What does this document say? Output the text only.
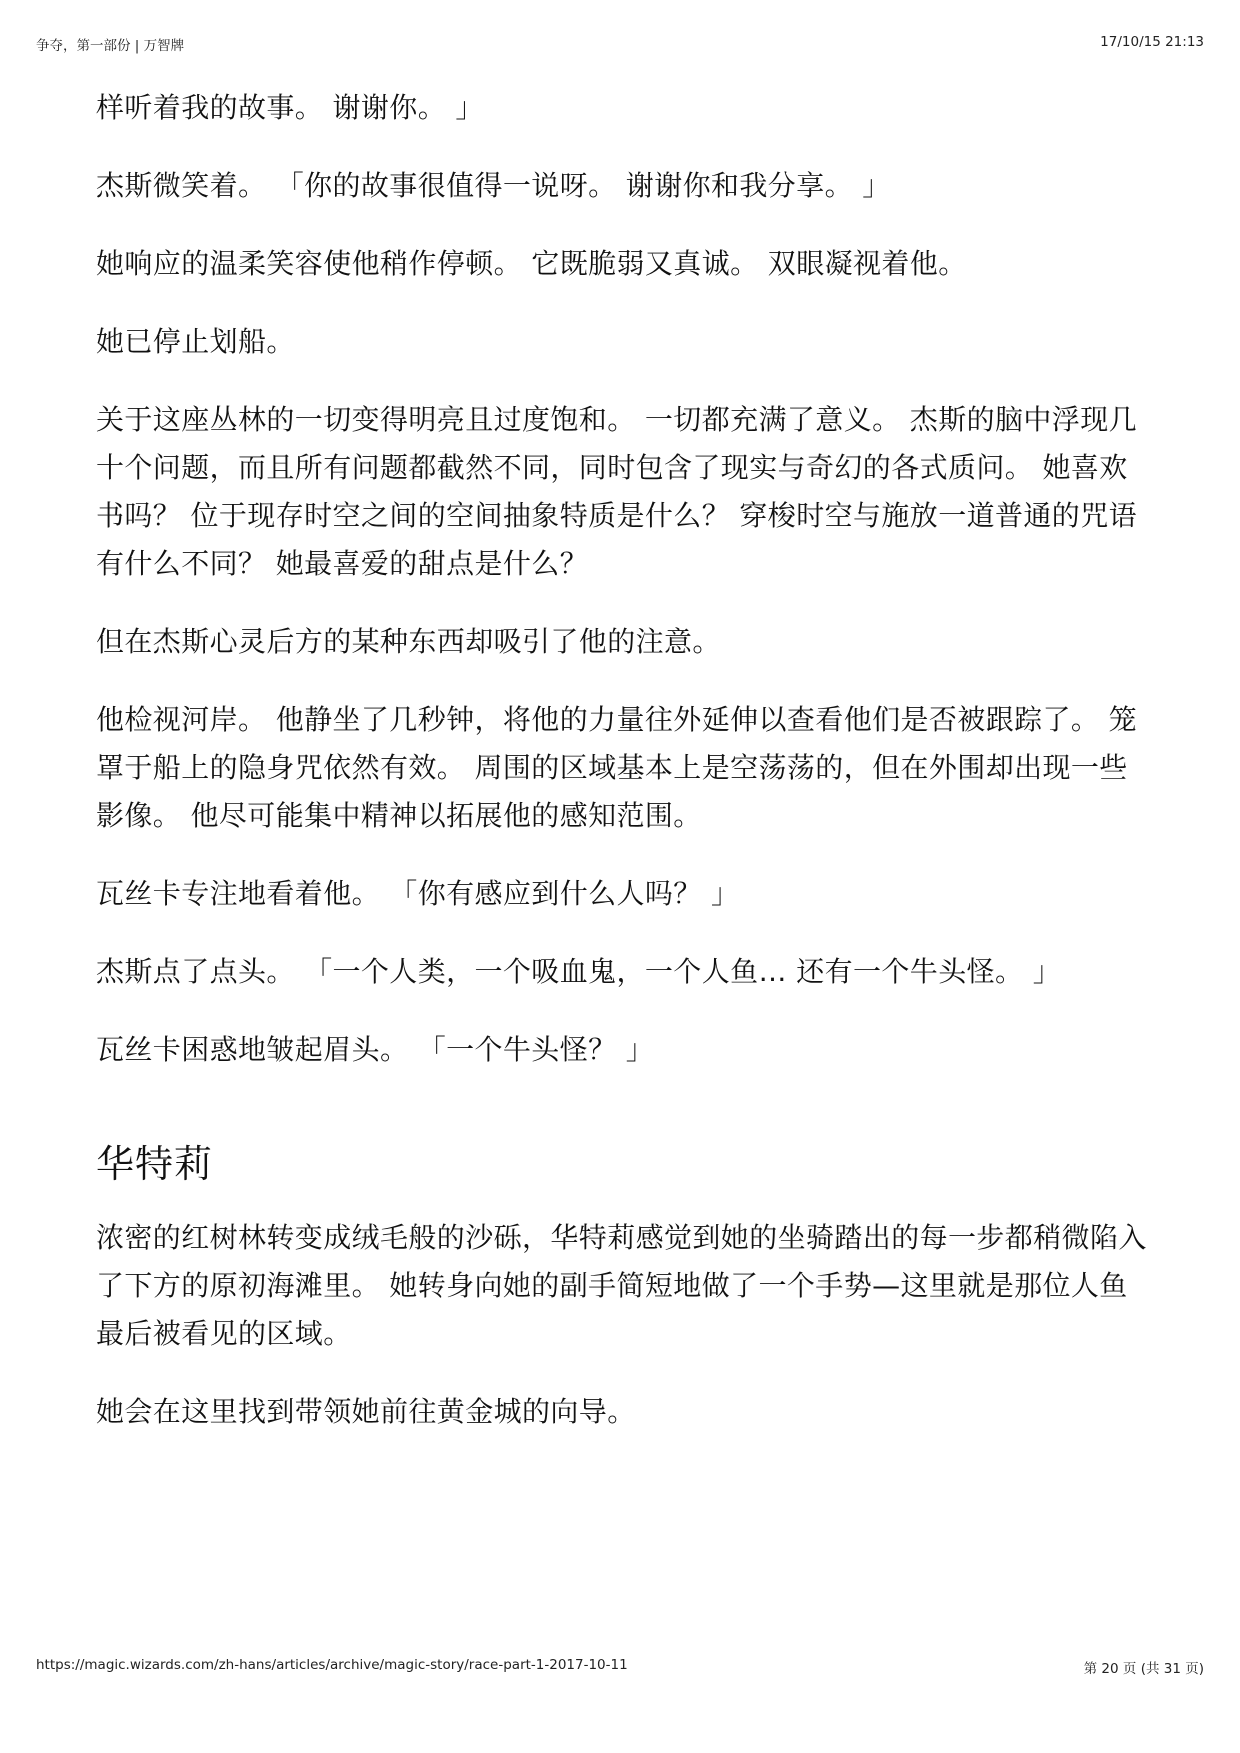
争夺，第一部份 | 万智牌	17/10/15 21:13

样听着我的故事。 谢谢你。 」

杰斯微笑着。 「你的故事很值得一说呀。 谢谢你和我分享。 」

她响应的温柔笑容使他稍作停顿。 它既脆弱又真诚。 双眼凝视着他。

她已停止划船。

关于这座丛林的一切变得明亮且过度饱和。 一切都充满了意义。 杰斯的脑中浮现几十个问题，而且所有问题都截然不同，同时包含了现实与奇幻的各式质问。 她喜欢书吗？ 位于现存时空之间的空间抽象特质是什么？ 穿梭时空与施放一道普通的咒语有什么不同？ 她最喜爱的甜点是什么？

但在杰斯心灵后方的某种东西却吸引了他的注意。

他检视河岸。 他静坐了几秒钟，将他的力量往外延伸以查看他们是否被跟踪了。 笼罩于船上的隐身咒依然有效。 周围的区域基本上是空荡荡的，但在外围却出现一些影像。 他尽可能集中精神以拓展他的感知范围。

瓦丝卡专注地看着他。 「你有感应到什么人吗？ 」

杰斯点了点头。 「一个人类，一个吸血鬼，一个人鱼… 还有一个牛头怪。 」

瓦丝卡困惑地皱起眉头。 「一个牛头怪？ 」

华特莉

浓密的红树林转变成绒毛般的沙砾，华特莉感觉到她的坐骑踏出的每一步都稍微陷入了下方的原初海滩里。 她转身向她的副手简短地做了一个手势—这里就是那位人鱼最后被看见的区域。

她会在这里找到带领她前往黄金城的向导。

https://magic.wizards.com/zh-hans/articles/archive/magic-story/race-part-1-2017-10-11	第 20 页 (共 31 页)
